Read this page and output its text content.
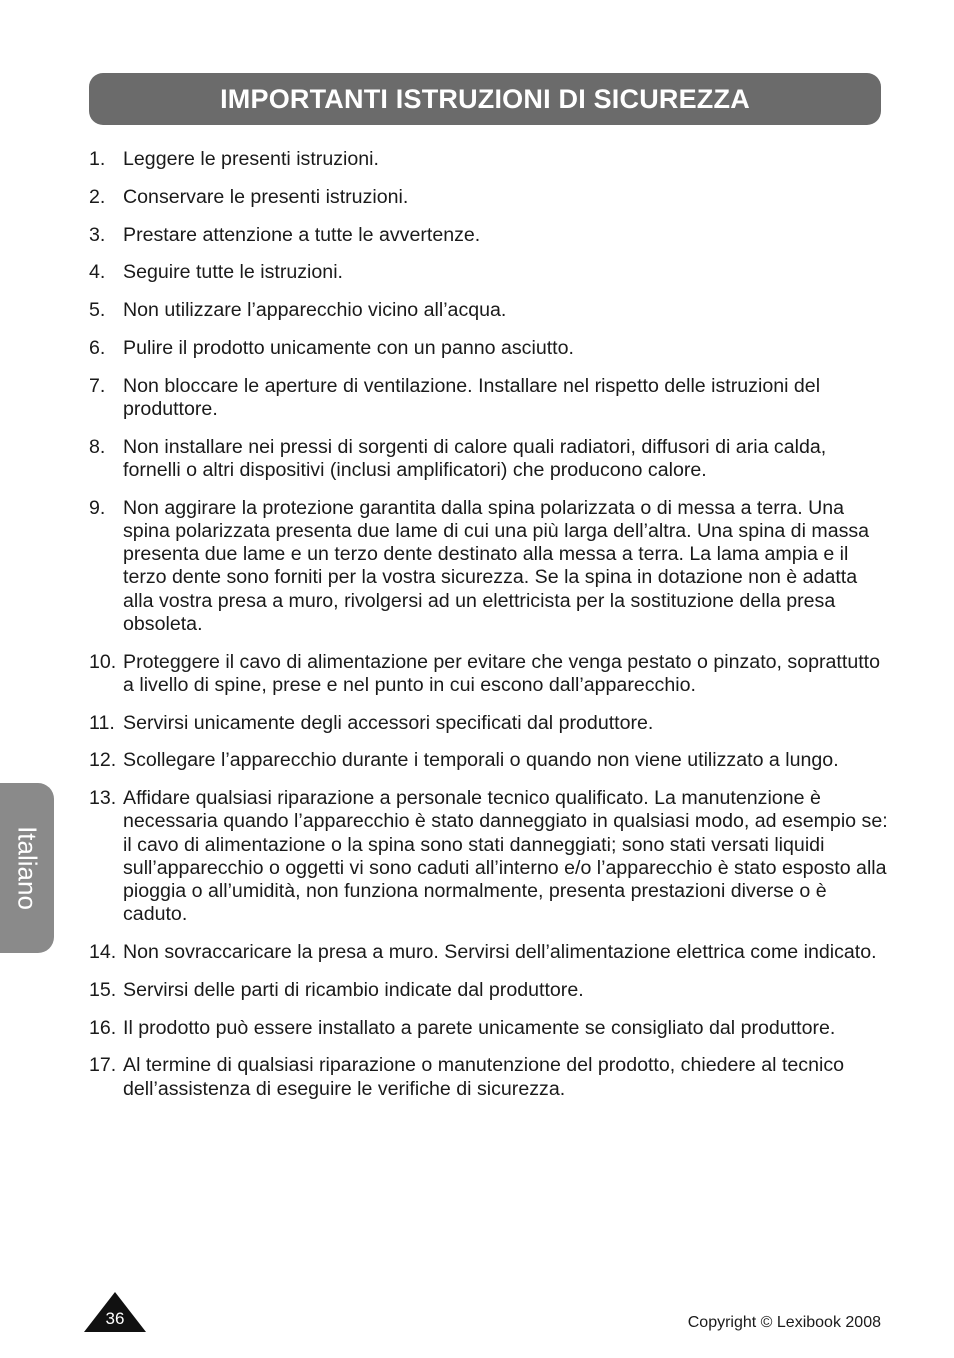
IMPORTANTI ISTRUZIONI DI SICUREZZA
1. Leggere le presenti istruzioni.
2. Conservare le presenti istruzioni.
3. Prestare attenzione a tutte le avvertenze.
4. Seguire tutte le istruzioni.
5. Non utilizzare l’apparecchio vicino all’acqua.
6. Pulire il prodotto unicamente con un panno asciutto.
7. Non bloccare le aperture di ventilazione. Installare nel rispetto delle istruzioni del produttore.
8. Non installare nei pressi di sorgenti di calore quali radiatori, diffusori di aria calda, fornelli o altri dispositivi (inclusi amplificatori) che producono calore.
9. Non aggirare la protezione garantita dalla spina polarizzata o di messa a terra. Una spina polarizzata presenta due lame di cui una più larga dell’altra. Una spina di massa presenta due lame e un terzo dente destinato alla messa a terra. La lama ampia e il terzo dente sono forniti per la vostra sicurezza. Se la spina in dotazione non è adatta alla vostra presa a muro, rivolgersi ad un elettricista per la sostituzione della presa obsoleta.
10. Proteggere il cavo di alimentazione per evitare che venga pestato o pinzato, soprattutto a livello di spine, prese e nel punto in cui escono dall’apparecchio.
11. Servirsi unicamente degli accessori specificati dal produttore.
12. Scollegare l’apparecchio durante i temporali o quando non viene utilizzato a lungo.
13. Affidare qualsiasi riparazione a personale tecnico qualificato. La manutenzione è necessaria quando l’apparecchio è stato danneggiato in qualsiasi modo, ad esempio se: il cavo di alimentazione o la spina sono stati danneggiati; sono stati versati liquidi sull’apparecchio o oggetti vi sono caduti all’interno e/o l’apparecchio è stato esposto alla pioggia o all’umidità, non funziona normalmente, presenta prestazioni diverse o è caduto.
14. Non sovraccaricare la presa a muro. Servirsi dell’alimentazione elettrica come indicato.
15. Servirsi delle parti di ricambio indicate dal produttore.
16. Il prodotto può essere installato a parete unicamente se consigliato dal produttore.
17. Al termine di qualsiasi riparazione o manutenzione del prodotto, chiedere al tecnico dell’assistenza di eseguire le verifiche di sicurezza.
Italiano
36	Copyright © Lexibook 2008
